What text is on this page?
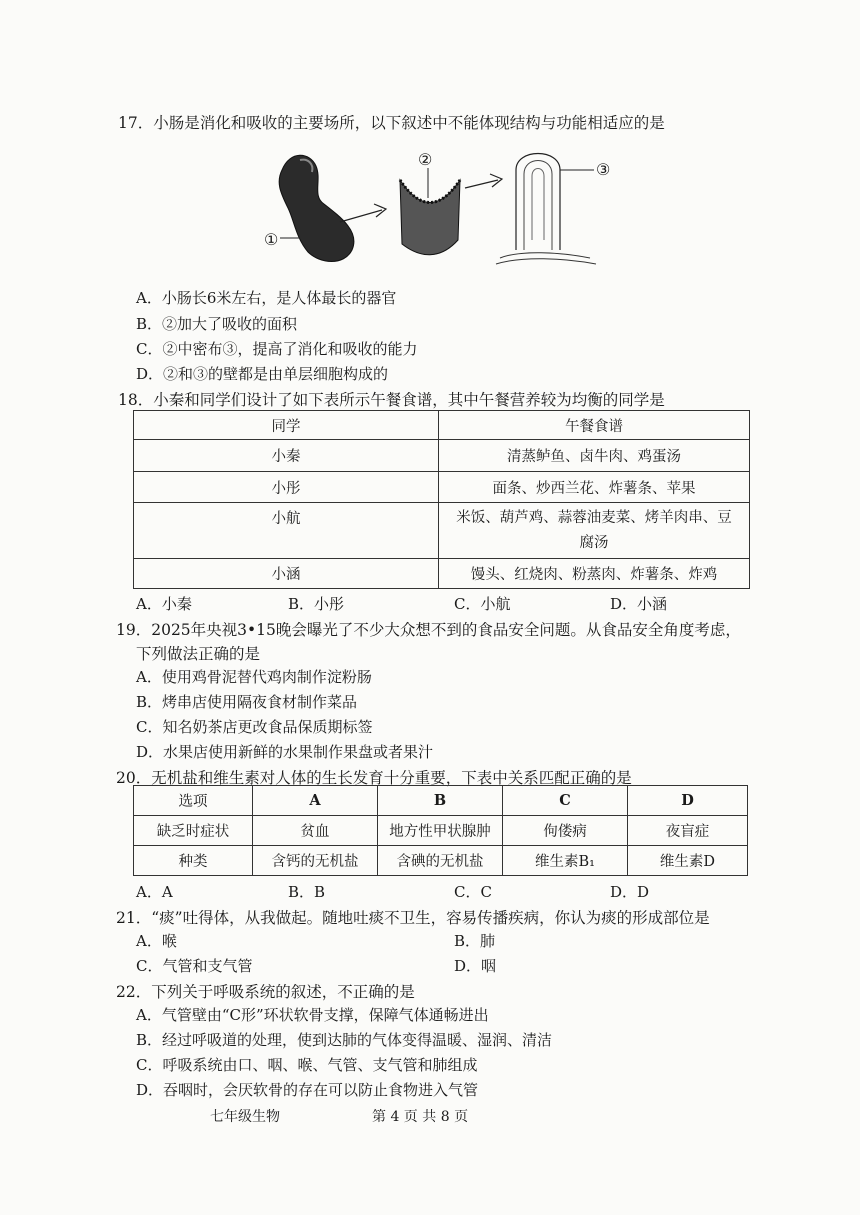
17．小肠是消化和吸收的主要场所，以下叙述中不能体现结构与功能相适应的是
①
②
③
A．小肠长6米左右，是人体最长的器官
B．②加大了吸收的面积
C．②中密布③，提高了消化和吸收的能力
D．②和③的壁都是由单层细胞构成的
18．小秦和同学们设计了如下表所示午餐食谱，其中午餐营养较为均衡的同学是
同学	午餐食谱
小秦	清蒸鲈鱼、卤牛肉、鸡蛋汤
小彤	面条、炒西兰花、炸薯条、苹果
小航	米饭、葫芦鸡、蒜蓉油麦菜、烤羊肉串、豆
腐汤

小涵	馒头、红烧肉、粉蒸肉、炸薯条、炸鸡
A．小秦	B．小彤	C．小航	D．小涵
19．2025年央视3•15晚会曝光了不少大众想不到的食品安全问题。从食品安全角度考虑，
下列做法正确的是
A．使用鸡骨泥替代鸡肉制作淀粉肠
B．烤串店使用隔夜食材制作菜品
C．知名奶茶店更改食品保质期标签
D．水果店使用新鲜的水果制作果盘或者果汁
20．无机盐和维生素对人体的生长发育十分重要，下表中关系匹配正确的是
选项	A	B	C	D
缺乏时症状	贫血	地方性甲状腺肿	佝偻病	夜盲症
种类	含钙的无机盐	含碘的无机盐	维生素B₁	维生素D
A．A	B．B	C．C	D．D
21．“痰”吐得体，从我做起。随地吐痰不卫生，容易传播疾病，你认为痰的形成部位是
A．喉	B．肺
C．气管和支气管	D．咽
22．下列关于呼吸系统的叙述，不正确的是
A．气管壁由“C形”环状软骨支撑，保障气体通畅进出
B．经过呼吸道的处理，使到达肺的气体变得温暖、湿润、清洁
C．呼吸系统由口、咽、喉、气管、支气管和肺组成
D．吞咽时，会厌软骨的存在可以防止食物进入气管
七年级生物	第 4 页 共 8 页
